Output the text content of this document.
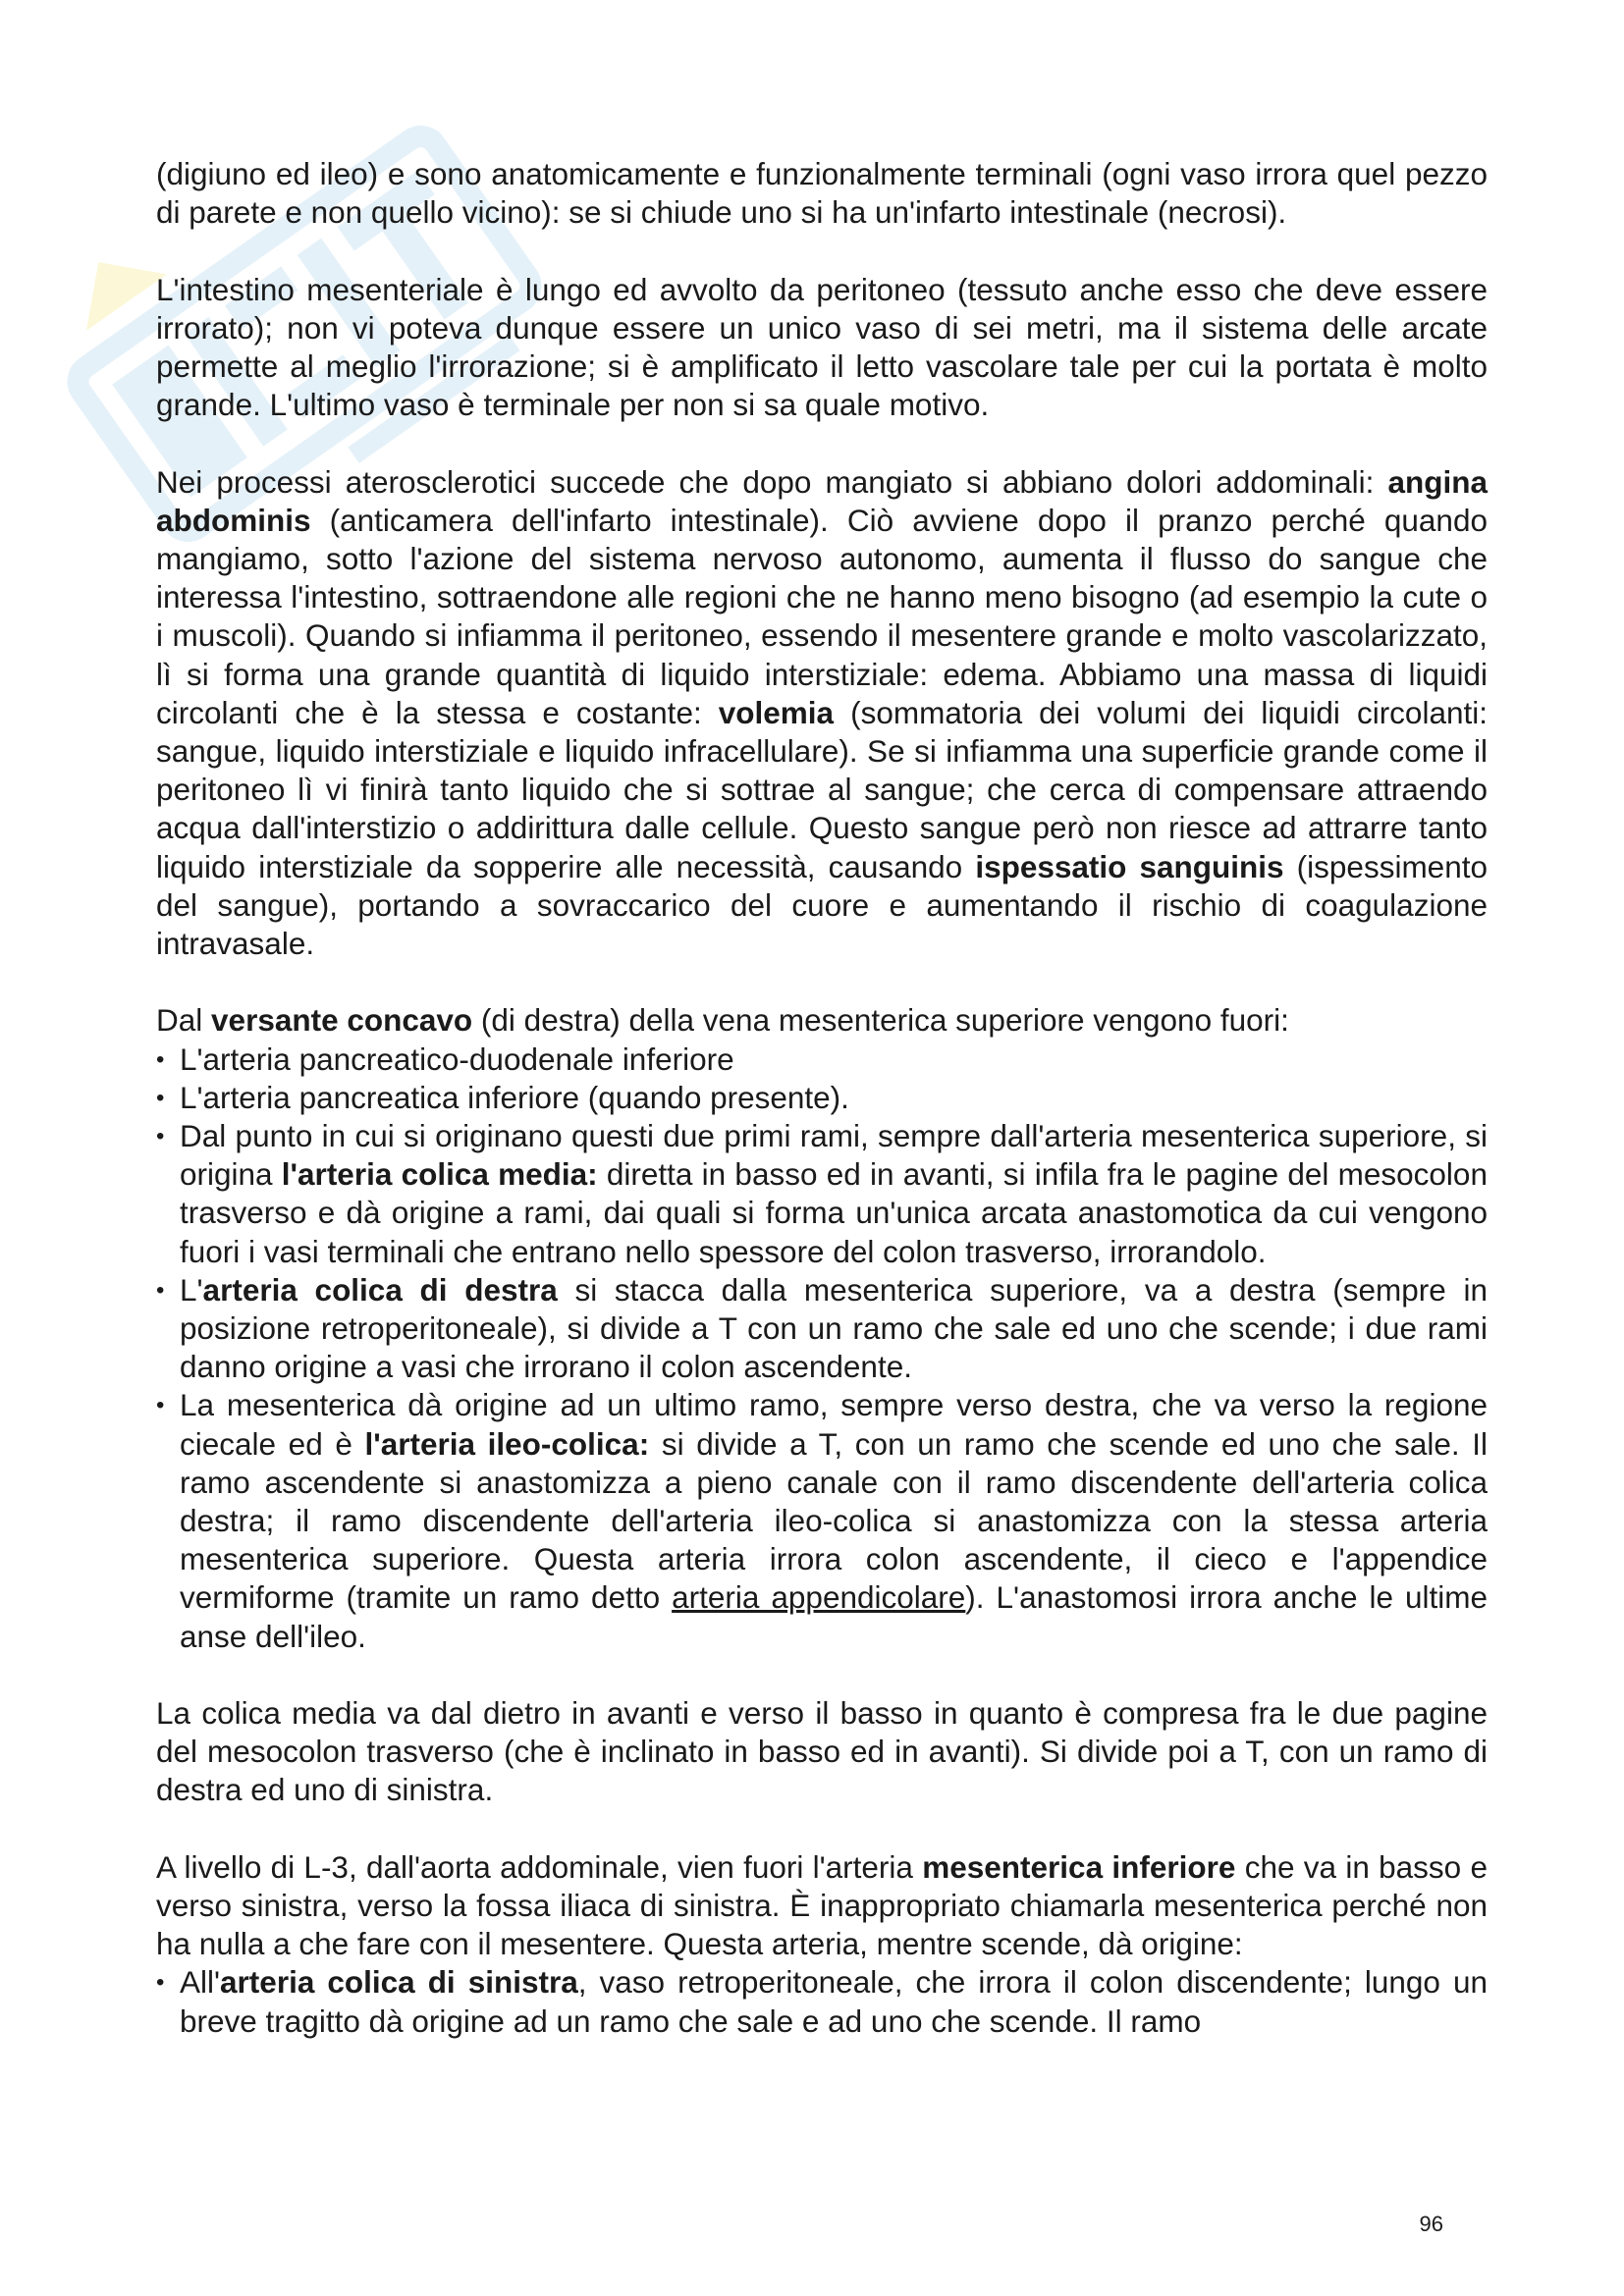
(digiuno ed ileo) e sono anatomicamente e funzionalmente terminali (ogni vaso irrora quel pezzo di parete e non quello vicino): se si chiude uno si ha un'infarto intestinale (necrosi).

L'intestino mesenteriale è lungo ed avvolto da peritoneo (tessuto anche esso che deve essere irrorato); non vi poteva dunque essere un unico vaso di sei metri, ma il sistema delle arcate permette al meglio l'irrorazione; si è amplificato il letto vascolare tale per cui la portata è molto grande. L'ultimo vaso è terminale per non si sa quale motivo.

Nei processi aterosclerotici succede che dopo mangiato si abbiano dolori addominali: angina abdominis (anticamera dell'infarto intestinale). Ciò avviene dopo il pranzo perché quando mangiamo, sotto l'azione del sistema nervoso autonomo, aumenta il flusso do sangue che interessa l'intestino, sottraendone alle regioni che ne hanno meno bisogno (ad esempio la cute o i muscoli). Quando si infiamma il peritoneo, essendo il mesentere grande e molto vascolarizzato, lì si forma una grande quantità di liquido interstiziale: edema. Abbiamo una massa di liquidi circolanti che è la stessa e costante: volemia (sommatoria dei volumi dei liquidi circolanti: sangue, liquido interstiziale e liquido infracellulare). Se si infiamma una superficie grande come il peritoneo lì vi finirà tanto liquido che si sottrae al sangue; che cerca di compensare attraendo acqua dall'interstizio o addirittura dalle cellule. Questo sangue però non riesce ad attrarre tanto liquido interstiziale da sopperire alle necessità, causando ispessatio sanguinis (ispessimento del sangue), portando a sovraccarico del cuore e aumentando il rischio di coagulazione intravasale.

Dal versante concavo (di destra) della vena mesenterica superiore vengono fuori:

• L'arteria pancreatico-duodenale inferiore
• L'arteria pancreatica inferiore (quando presente).
• Dal punto in cui si originano questi due primi rami, sempre dall'arteria mesenterica superiore, si origina l'arteria colica media: diretta in basso ed in avanti, si infila fra le pagine del mesocolon trasverso e dà origine a rami, dai quali si forma un'unica arcata anastomotica da cui vengono fuori i vasi terminali che entrano nello spessore del colon trasverso, irrorandolo.
• L'arteria colica di destra si stacca dalla mesenterica superiore, va a destra (sempre in posizione retroperitoneale), si divide a T con un ramo che sale ed uno che scende; i due rami danno origine a vasi che irrorano il colon ascendente.
• La mesenterica dà origine ad un ultimo ramo, sempre verso destra, che va verso la regione ciecale ed è l'arteria ileo-colica: si divide a T, con un ramo che scende ed uno che sale. Il ramo ascendente si anastomizza a pieno canale con il ramo discendente dell'arteria colica destra; il ramo discendente dell'arteria ileo-colica si anastomizza con la stessa arteria mesenterica superiore. Questa arteria irrora colon ascendente, il cieco e l'appendice vermiforme (tramite un ramo detto arteria appendicolare). L'anastomosi irrora anche le ultime anse dell'ileo.

La colica media va dal dietro in avanti e verso il basso in quanto è compresa fra le due pagine del mesocolon trasverso (che è inclinato in basso ed in avanti). Si divide poi a T, con un ramo di destra ed uno di sinistra.

A livello di L-3, dall'aorta addominale, vien fuori l'arteria mesenterica inferiore che va in basso e verso sinistra, verso la fossa iliaca di sinistra. È inappropriato chiamarla mesenterica perché non ha nulla a che fare con il mesentere. Questa arteria, mentre scende, dà origine:

• All'arteria colica di sinistra, vaso retroperitoneale, che irrora il colon discendente; lungo un breve tragitto dà origine ad un ramo che sale e ad uno che scende. Il ramo
96
